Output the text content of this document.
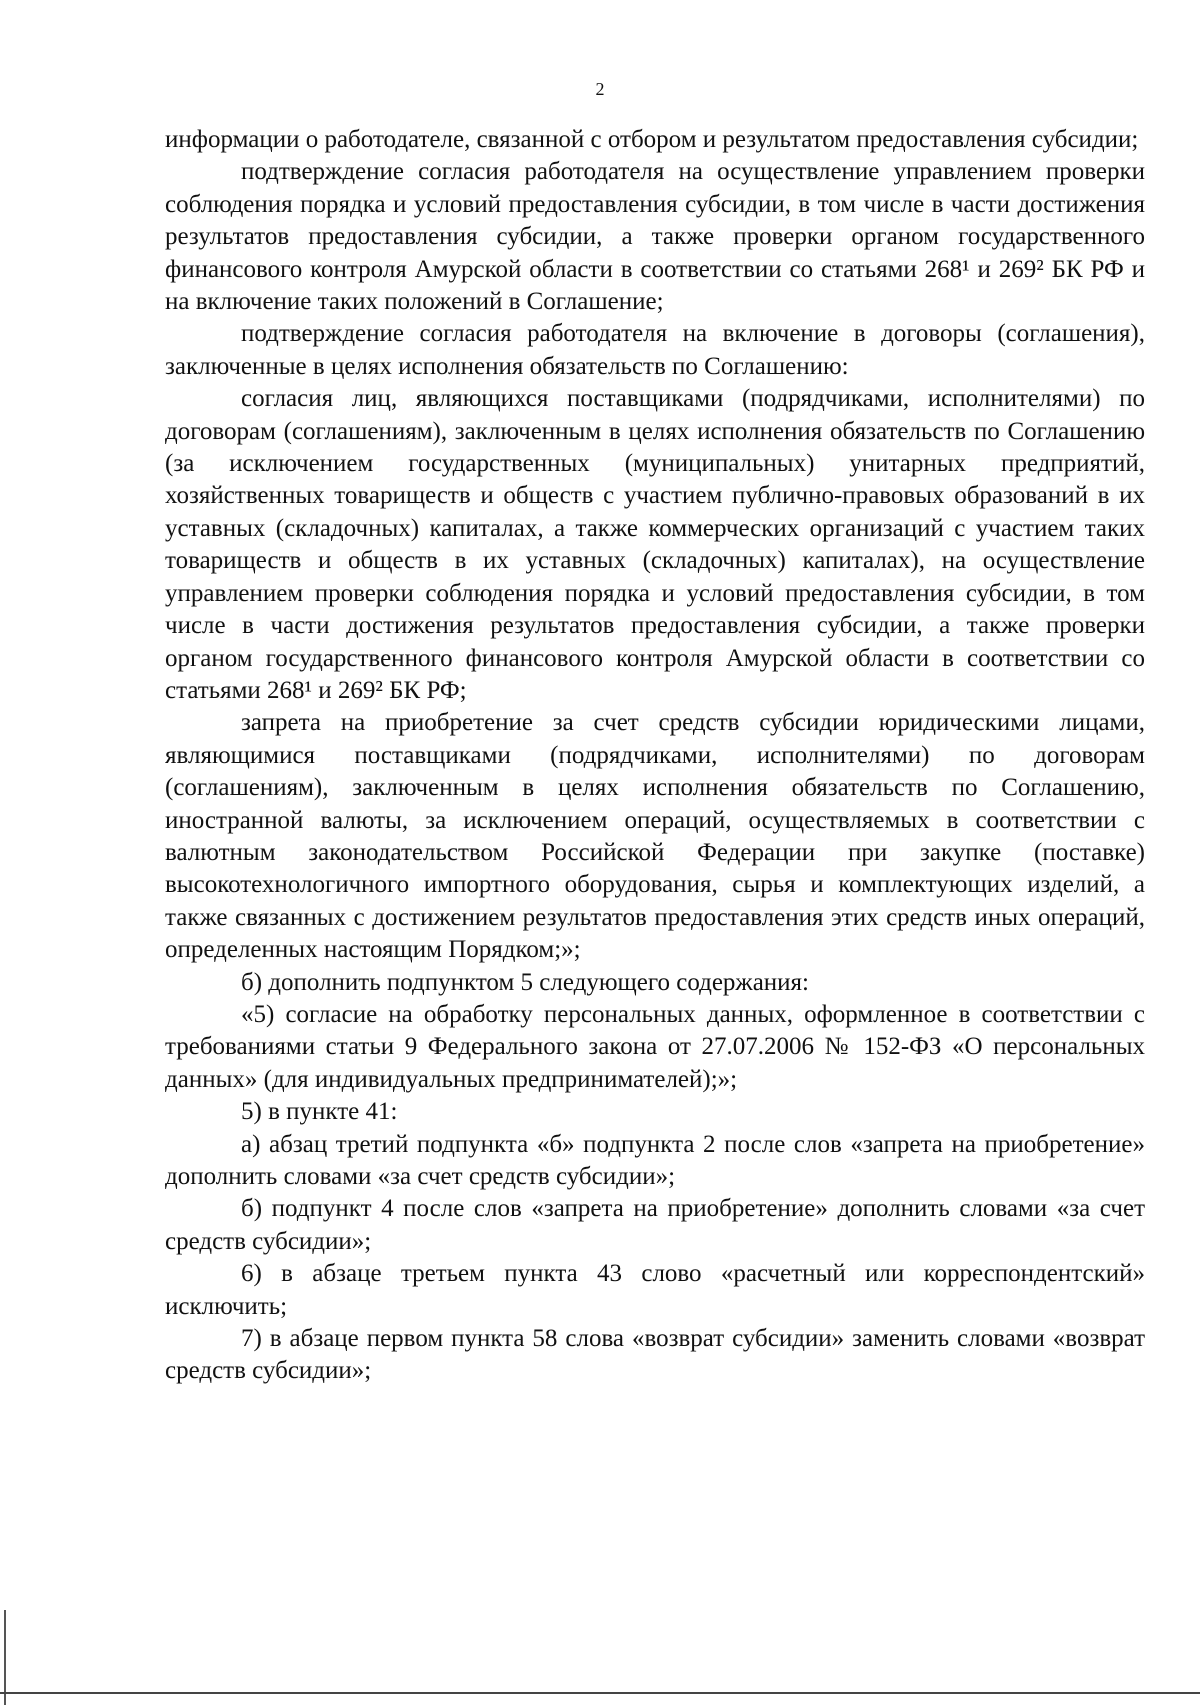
2

информации о работодателе, связанной с отбором и результатом предоставления субсидии;

подтверждение согласия работодателя на осуществление управлением проверки соблюдения порядка и условий предоставления субсидии, в том числе в части достижения результатов предоставления субсидии, а также проверки органом государственного финансового контроля Амурской области в соответствии со статьями 268¹ и 269² БК РФ и на включение таких положений в Соглашение;

подтверждение согласия работодателя на включение в договоры (соглашения), заключенные в целях исполнения обязательств по Соглашению:

согласия лиц, являющихся поставщиками (подрядчиками, исполнителями) по договорам (соглашениям), заключенным в целях исполнения обязательств по Соглашению (за исключением государственных (муниципальных) унитарных предприятий, хозяйственных товариществ и обществ с участием публично-правовых образований в их уставных (складочных) капиталах, а также коммерческих организаций с участием таких товариществ и обществ в их уставных (складочных) капиталах), на осуществление управлением проверки соблюдения порядка и условий предоставления субсидии, в том числе в части достижения результатов предоставления субсидии, а также проверки органом государственного финансового контроля Амурской области в соответствии со статьями 268¹ и 269² БК РФ;

запрета на приобретение за счет средств субсидии юридическими лицами, являющимися поставщиками (подрядчиками, исполнителями) по договорам (соглашениям), заключенным в целях исполнения обязательств по Соглашению, иностранной валюты, за исключением операций, осуществляемых в соответствии с валютным законодательством Российской Федерации при закупке (поставке) высокотехнологичного импортного оборудования, сырья и комплектующих изделий, а также связанных с достижением результатов предоставления этих средств иных операций, определенных настоящим Порядком;»;

б) дополнить подпунктом 5 следующего содержания:

«5) согласие на обработку персональных данных, оформленное в соответствии с требованиями статьи 9 Федерального закона от 27.07.2006 № 152-ФЗ «О персональных данных» (для индивидуальных предпринимателей);»;

5) в пункте 41:

а) абзац третий подпункта «б» подпункта 2 после слов «запрета на приобретение» дополнить словами «за счет средств субсидии»;

б) подпункт 4 после слов «запрета на приобретение» дополнить словами «за счет средств субсидии»;

6) в абзаце третьем пункта 43 слово «расчетный или корреспондентский» исключить;

7) в абзаце первом пункта 58 слова «возврат субсидии» заменить словами «возврат средств субсидии»;
